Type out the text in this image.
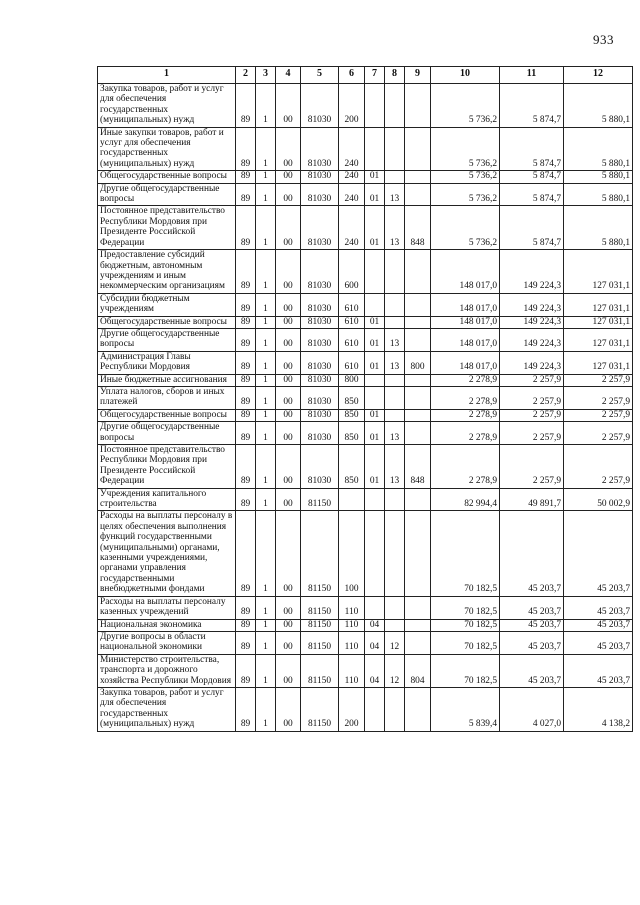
933
1	2	3	4	5	6	7	8	9	10	11	12
Закупка товаров, работ и услуг для обеспечения государственных (муниципальных) нужд	89	1	00	81030	200				5 736,2	5 874,7	5 880,1
Иные закупки товаров, работ и услуг для обеспечения государственных (муниципальных) нужд	89	1	00	81030	240				5 736,2	5 874,7	5 880,1
Общегосударственные вопросы	89	1	00	81030	240	01			5 736,2	5 874,7	5 880,1
Другие общегосударственные вопросы	89	1	00	81030	240	01	13		5 736,2	5 874,7	5 880,1
Постоянное представительство Республики Мордовия при Президенте Российской Федерации	89	1	00	81030	240	01	13	848	5 736,2	5 874,7	5 880,1
Предоставление субсидий бюджетным, автономным учреждениям и иным некоммерческим организациям	89	1	00	81030	600				148 017,0	149 224,3	127 031,1
Субсидии бюджетным учреждениям	89	1	00	81030	610				148 017,0	149 224,3	127 031,1
Общегосударственные вопросы	89	1	00	81030	610	01			148 017,0	149 224,3	127 031,1
Другие общегосударственные вопросы	89	1	00	81030	610	01	13		148 017,0	149 224,3	127 031,1
Администрация Главы Республики Мордовия	89	1	00	81030	610	01	13	800	148 017,0	149 224,3	127 031,1
Иные бюджетные ассигнования	89	1	00	81030	800				2 278,9	2 257,9	2 257,9
Уплата налогов, сборов и иных платежей	89	1	00	81030	850				2 278,9	2 257,9	2 257,9
Общегосударственные вопросы	89	1	00	81030	850	01			2 278,9	2 257,9	2 257,9
Другие общегосударственные вопросы	89	1	00	81030	850	01	13		2 278,9	2 257,9	2 257,9
Постоянное представительство Республики Мордовия при Президенте Российской Федерации	89	1	00	81030	850	01	13	848	2 278,9	2 257,9	2 257,9
Учреждения капитального строительства	89	1	00	81150					82 994,4	49 891,7	50 002,9
Расходы на выплаты персоналу в целях обеспечения выполнения функций государственными (муниципальными) органами, казенными учреждениями, органами управления государственными внебюджетными фондами	89	1	00	81150	100				70 182,5	45 203,7	45 203,7
Расходы на выплаты персоналу казенных учреждений	89	1	00	81150	110				70 182,5	45 203,7	45 203,7
Национальная экономика	89	1	00	81150	110	04			70 182,5	45 203,7	45 203,7
Другие вопросы в области национальной экономики	89	1	00	81150	110	04	12		70 182,5	45 203,7	45 203,7
Министерство строительства, транспорта и дорожного хозяйства Республики Мордовия	89	1	00	81150	110	04	12	804	70 182,5	45 203,7	45 203,7
Закупка товаров, работ и услуг для обеспечения государственных (муниципальных) нужд	89	1	00	81150	200				5 839,4	4 027,0	4 138,2
